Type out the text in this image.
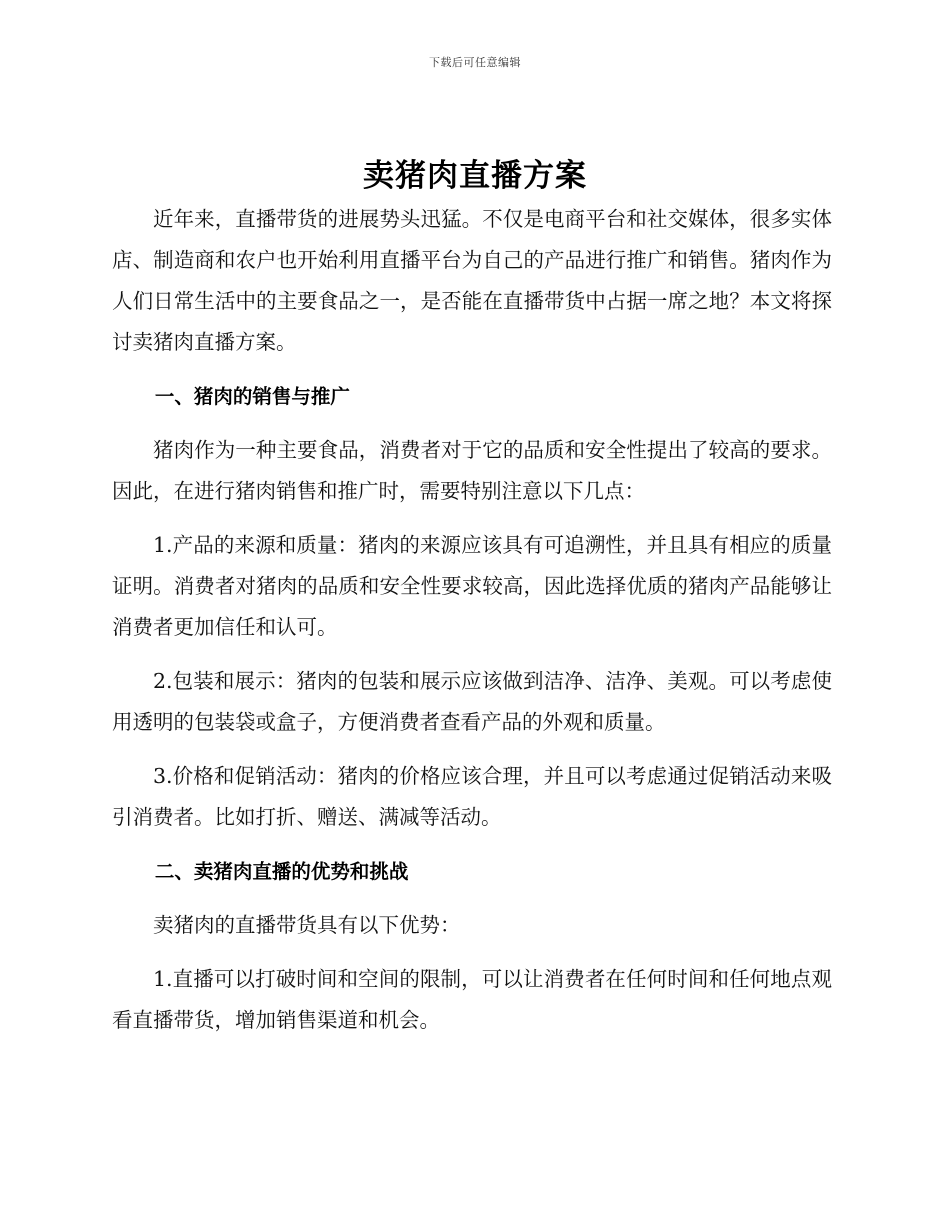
下载后可任意编辑
卖猪肉直播方案

近年来，直播带货的进展势头迅猛。不仅是电商平台和社交媒体，很多实体店、制造商和农户也开始利用直播平台为自己的产品进行推广和销售。猪肉作为人们日常生活中的主要食品之一，是否能在直播带货中占据一席之地？本文将探讨卖猪肉直播方案。

一、猪肉的销售与推广

猪肉作为一种主要食品，消费者对于它的品质和安全性提出了较高的要求。因此，在进行猪肉销售和推广时，需要特别注意以下几点：

1.产品的来源和质量：猪肉的来源应该具有可追溯性，并且具有相应的质量证明。消费者对猪肉的品质和安全性要求较高，因此选择优质的猪肉产品能够让消费者更加信任和认可。

2.包装和展示：猪肉的包装和展示应该做到洁净、洁净、美观。可以考虑使用透明的包装袋或盒子，方便消费者查看产品的外观和质量。

3.价格和促销活动：猪肉的价格应该合理，并且可以考虑通过促销活动来吸引消费者。比如打折、赠送、满减等活动。

二、卖猪肉直播的优势和挑战

卖猪肉的直播带货具有以下优势：

1.直播可以打破时间和空间的限制，可以让消费者在任何时间和任何地点观看直播带货，增加销售渠道和机会。
